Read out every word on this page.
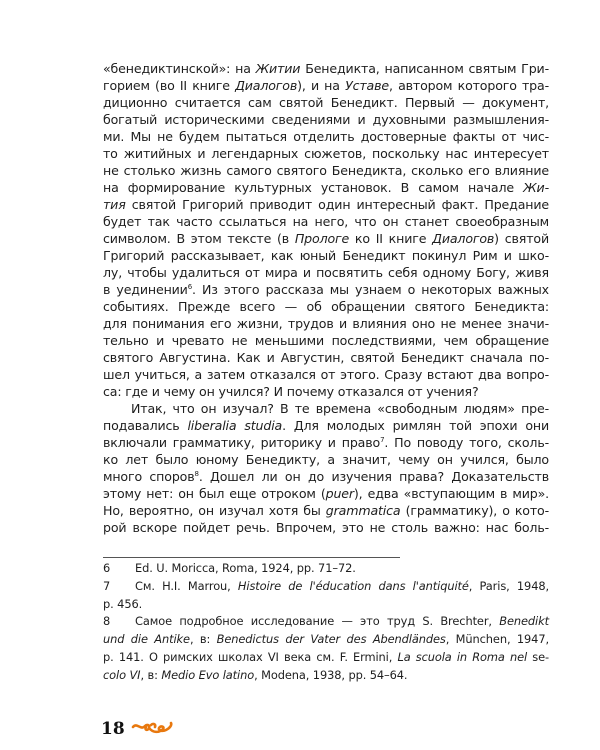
«бенедиктинской»: на Житии Бенедикта, написанном святым Гри-
горием (во II книге Диалогов), и на Уставе, автором которого тра-
диционно считается сам святой Бенедикт. Первый — документ,
богатый историческими сведениями и духовными размышления-
ми. Мы не будем пытаться отделить достоверные факты от чис-
то житийных и легендарных сюжетов, поскольку нас интересует
не столько жизнь самого святого Бенедикта, сколько его влияние
на формирование культурных установок. В самом начале Жи-
тия святой Григорий приводит один интересный факт. Предание
будет так часто ссылаться на него, что он станет своеобразным
символом. В этом тексте (в Прологе ко II книге Диалогов) святой
Григорий рассказывает, как юный Бенедикт покинул Рим и шко-
лу, чтобы удалиться от мира и посвятить себя одному Богу, живя
в уединении$^6$. Из этого рассказа мы узнаем о некоторых важных
событиях. Прежде всего — об обращении святого Бенедикта:
для понимания его жизни, трудов и влияния оно не менее значи-
тельно и чревато не меньшими последствиями, чем обращение
святого Августина. Как и Августин, святой Бенедикт сначала по-
шел учиться, а затем отказался от этого. Сразу встают два вопро-
са: где и чему он учился? И почему отказался от учения?
Итак, что он изучал? В те времена «свободным людям» пре-
подавались liberalia studia. Для молодых римлян той эпохи они
включали грамматику, риторику и право$^7$. По поводу того, сколь-
ко лет было юному Бенедикту, а значит, чему он учился, было
много споров$^8$. Дошел ли он до изучения права? Доказательств
этому нет: он был еще отроком (puer), едва «вступающим в мир».
Но, вероятно, он изучал хотя бы grammatica (грамматику), о кото-
рой вскоре пойдет речь. Впрочем, это не столь важно: нас боль-
6 Ed. U. Moricca, Roma, 1924, pp. 71–72.
7 См. H.I. Marrou, Histoire de l'éducation dans l'antiquité, Paris, 1948,
p. 456.
8 Самое подробное исследование — это труд S. Brechter, Benedikt
und die Antike, в: Benedictus der Vater des Abendländes, München, 1947,
p. 141. О римских школах VI века см. F. Ermini, La scuola in Roma nel se-
colo VI, в: Medio Evo latino, Modena, 1938, pp. 54–64.
18
